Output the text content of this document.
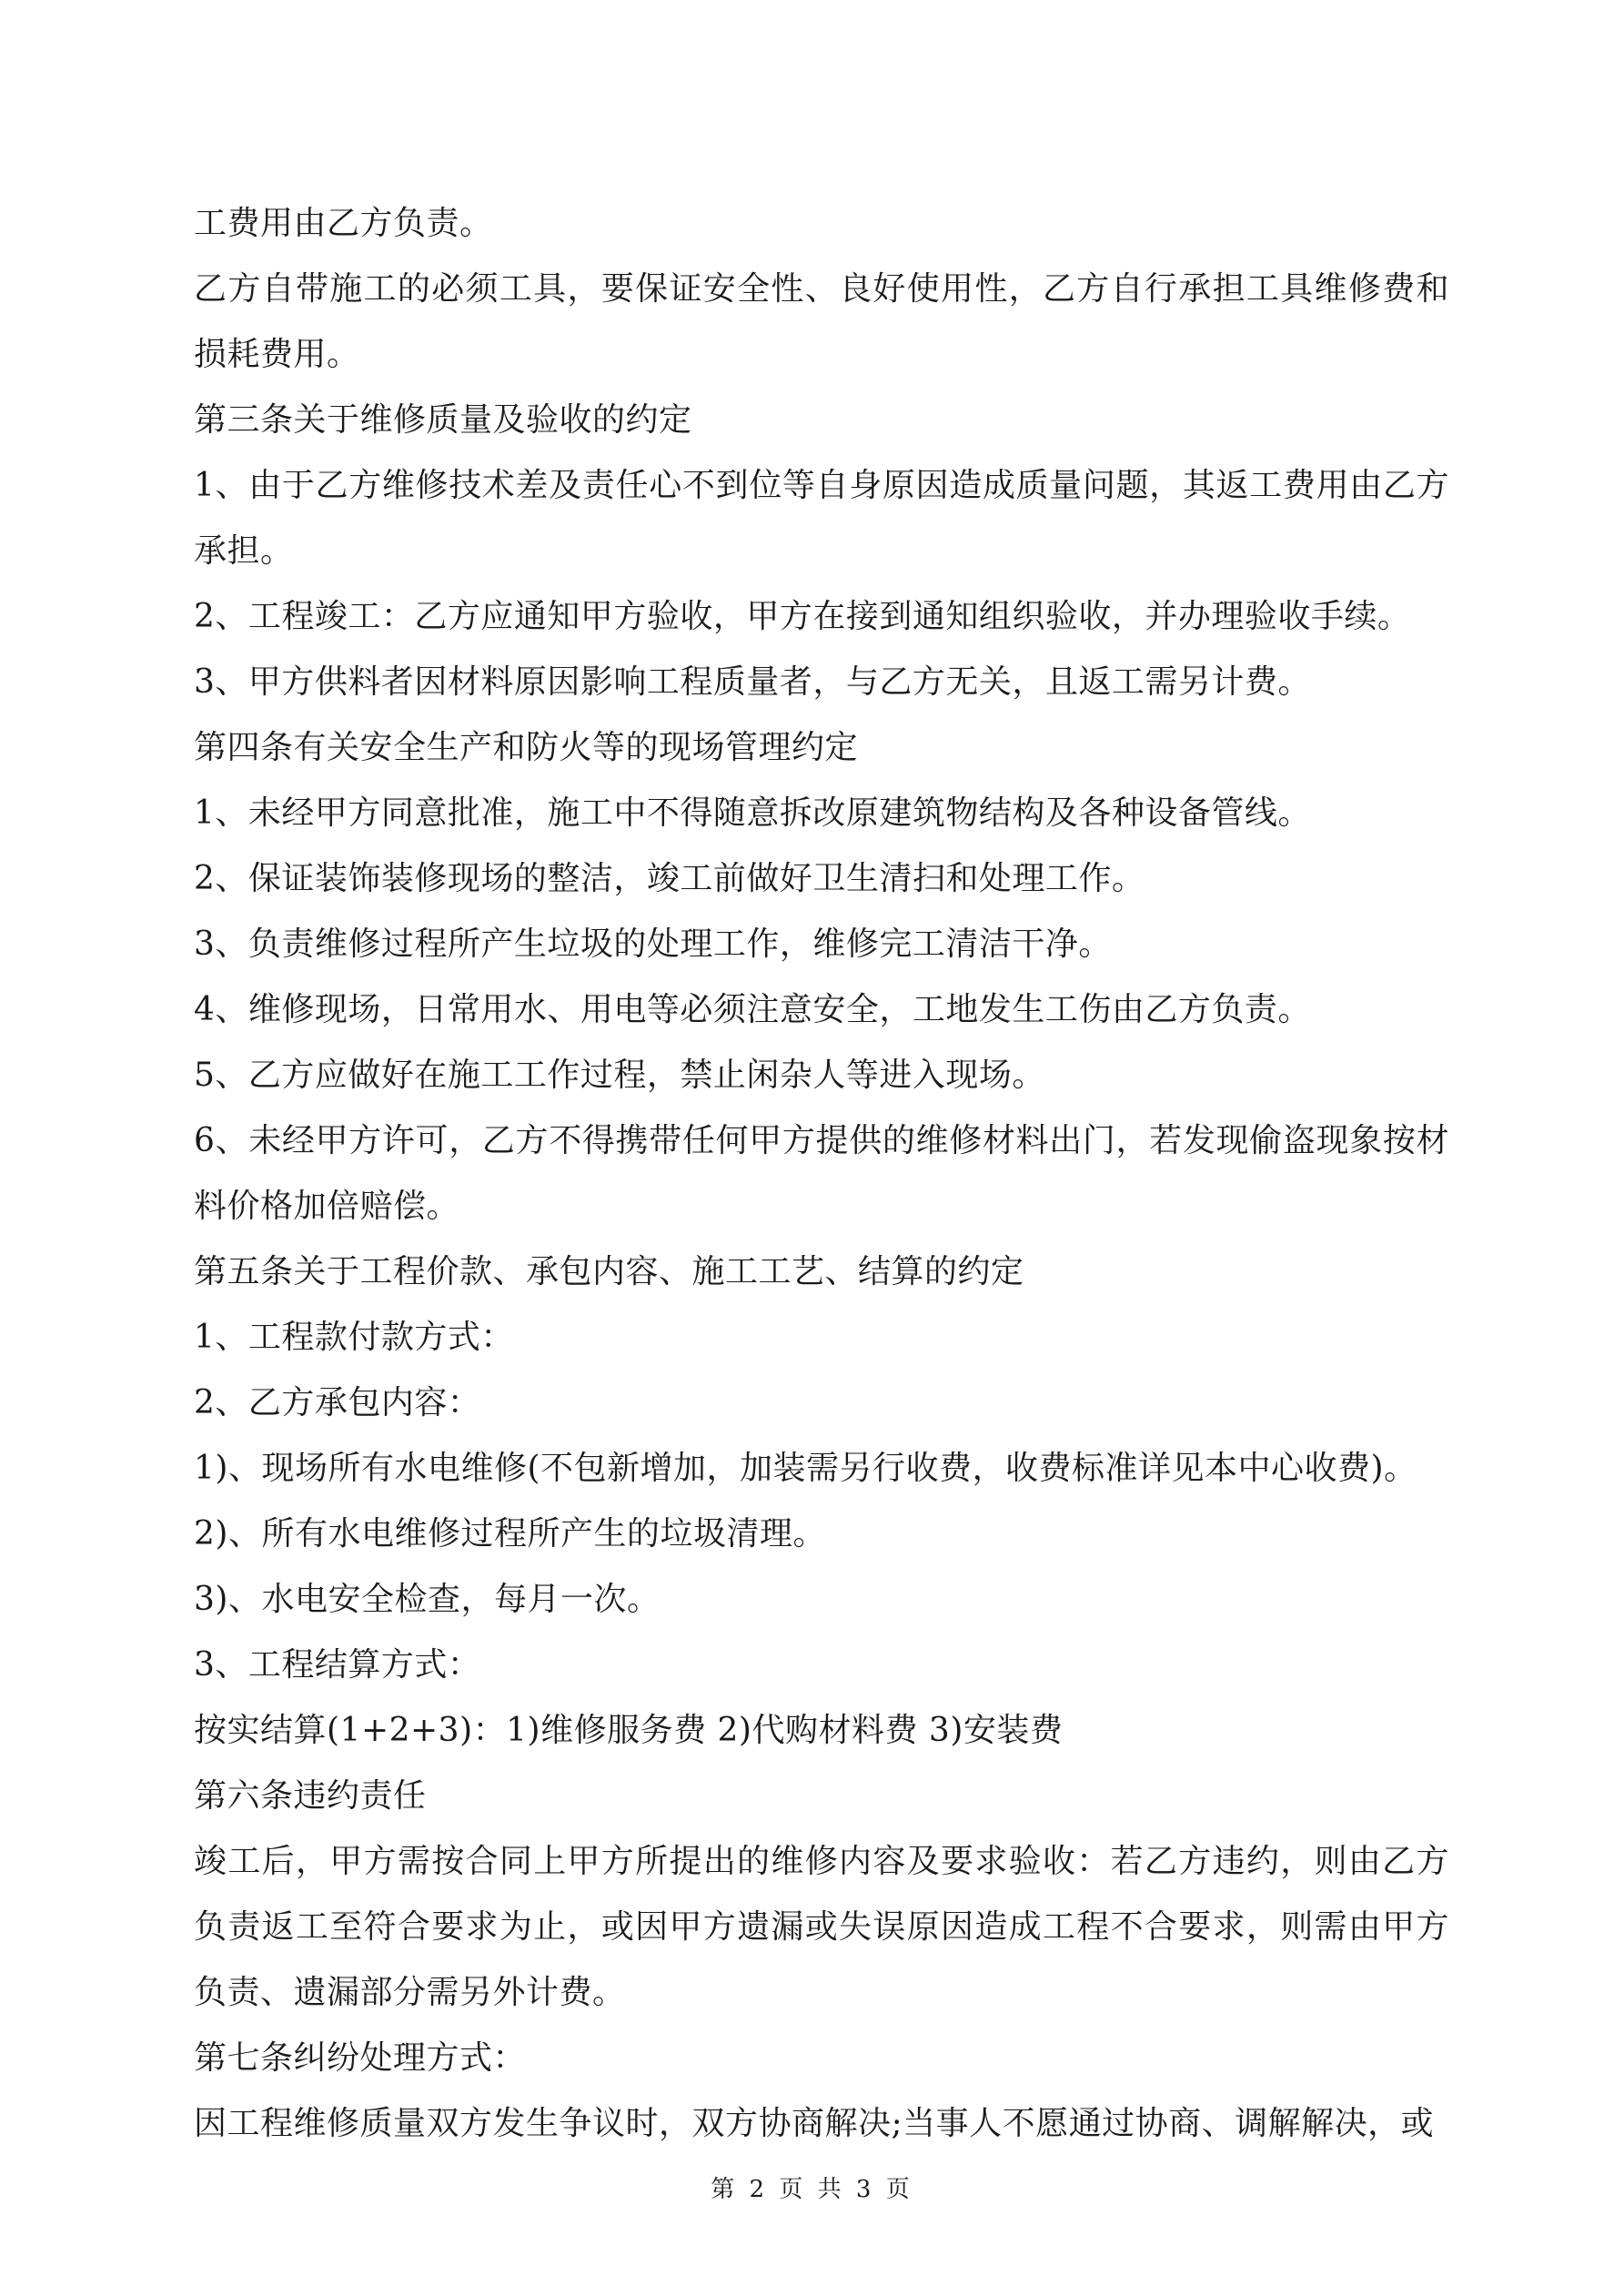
工费用由乙方负责。

乙方自带施工的必须工具，要保证安全性、良好使用性，乙方自行承担工具维修费和损耗费用。

第三条关于维修质量及验收的约定

1、由于乙方维修技术差及责任心不到位等自身原因造成质量问题，其返工费用由乙方承担。

2、工程竣工：乙方应通知甲方验收，甲方在接到通知组织验收，并办理验收手续。

3、甲方供料者因材料原因影响工程质量者，与乙方无关，且返工需另计费。

第四条有关安全生产和防火等的现场管理约定

1、未经甲方同意批准，施工中不得随意拆改原建筑物结构及各种设备管线。

2、保证装饰装修现场的整洁，竣工前做好卫生清扫和处理工作。

3、负责维修过程所产生垃圾的处理工作，维修完工清洁干净。

4、维修现场，日常用水、用电等必须注意安全，工地发生工伤由乙方负责。

5、乙方应做好在施工工作过程，禁止闲杂人等进入现场。

6、未经甲方许可，乙方不得携带任何甲方提供的维修材料出门，若发现偷盗现象按材料价格加倍赔偿。

第五条关于工程价款、承包内容、施工工艺、结算的约定

1、工程款付款方式：

2、乙方承包内容：

1)、现场所有水电维修(不包新增加，加装需另行收费，收费标准详见本中心收费)。

2)、所有水电维修过程所产生的垃圾清理。

3)、水电安全检查，每月一次。

3、工程结算方式：

按实结算(1+2+3)：1)维修服务费 2)代购材料费 3)安装费

第六条违约责任

竣工后，甲方需按合同上甲方所提出的维修内容及要求验收：若乙方违约，则由乙方负责返工至符合要求为止，或因甲方遗漏或失误原因造成工程不合要求，则需由甲方负责、遗漏部分需另外计费。

第七条纠纷处理方式：

因工程维修质量双方发生争议时，双方协商解决;当事人不愿通过协商、调解解决，或

第 2 页 共 3 页
